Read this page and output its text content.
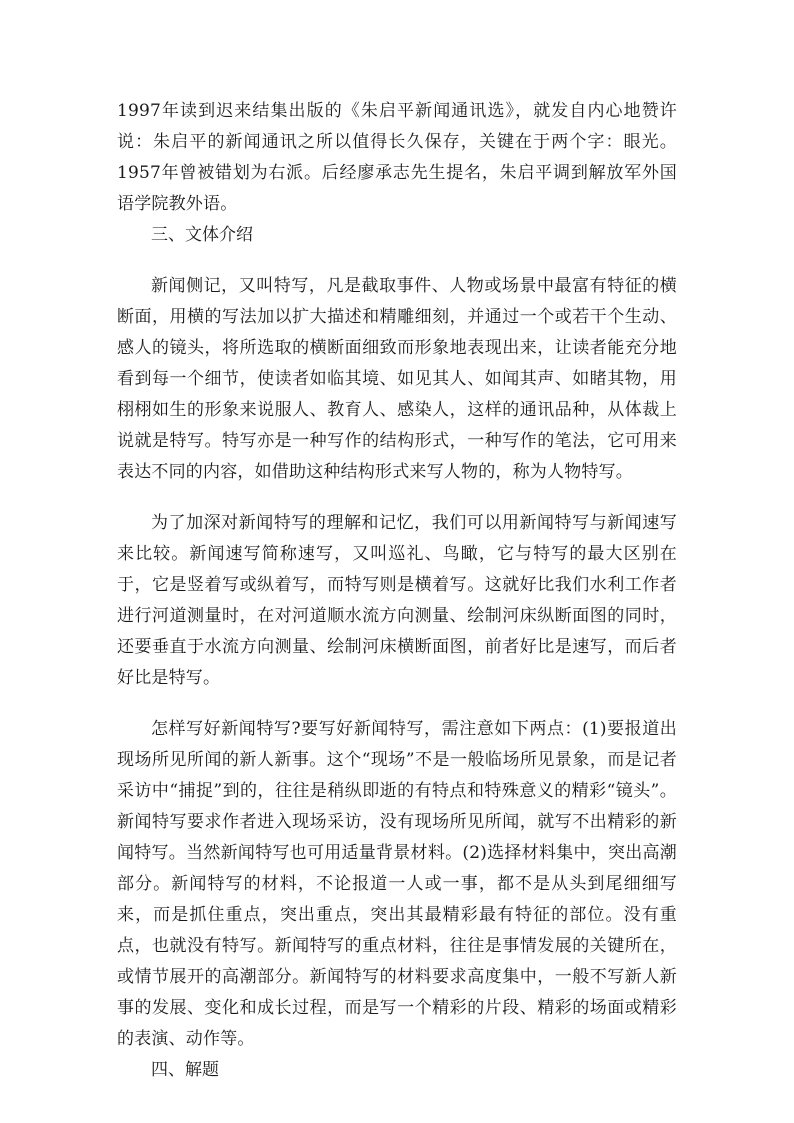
1997年读到迟来结集出版的《朱启平新闻通讯选》，就发自内心地赞许说：朱启平的新闻通讯之所以值得长久保存，关键在于两个字：眼光。1957年曾被错划为右派。后经廖承志先生提名，朱启平调到解放军外国语学院教外语。

三、文体介绍

新闻侧记，又叫特写，凡是截取事件、人物或场景中最富有特征的横断面，用横的写法加以扩大描述和精雕细刻，并通过一个或若干个生动、感人的镜头，将所选取的横断面细致而形象地表现出来，让读者能充分地看到每一个细节，使读者如临其境、如见其人、如闻其声、如睹其物，用栩栩如生的形象来说服人、教育人、感染人，这样的通讯品种，从体裁上说就是特写。特写亦是一种写作的结构形式，一种写作的笔法，它可用来表达不同的内容，如借助这种结构形式来写人物的，称为人物特写。

为了加深对新闻特写的理解和记忆，我们可以用新闻特写与新闻速写来比较。新闻速写简称速写，又叫巡礼、鸟瞰，它与特写的最大区别在于，它是竖着写或纵着写，而特写则是横着写。这就好比我们水利工作者进行河道测量时，在对河道顺水流方向测量、绘制河床纵断面图的同时，还要垂直于水流方向测量、绘制河床横断面图，前者好比是速写，而后者好比是特写。

怎样写好新闻特写?要写好新闻特写，需注意如下两点：(1)要报道出现场所见所闻的新人新事。这个“现场”不是一般临场所见景象，而是记者采访中“捕捉”到的，往往是稍纵即逝的有特点和特殊意义的精彩“镜头”。新闻特写要求作者进入现场采访，没有现场所见所闻，就写不出精彩的新闻特写。当然新闻特写也可用适量背景材料。(2)选择材料集中，突出高潮部分。新闻特写的材料，不论报道一人或一事，都不是从头到尾细细写来，而是抓住重点，突出重点，突出其最精彩最有特征的部位。没有重点，也就没有特写。新闻特写的重点材料，往往是事情发展的关键所在，或情节展开的高潮部分。新闻特写的材料要求高度集中，一般不写新人新事的发展、变化和成长过程，而是写一个精彩的片段、精彩的场面或精彩的表演、动作等。

四、解题
